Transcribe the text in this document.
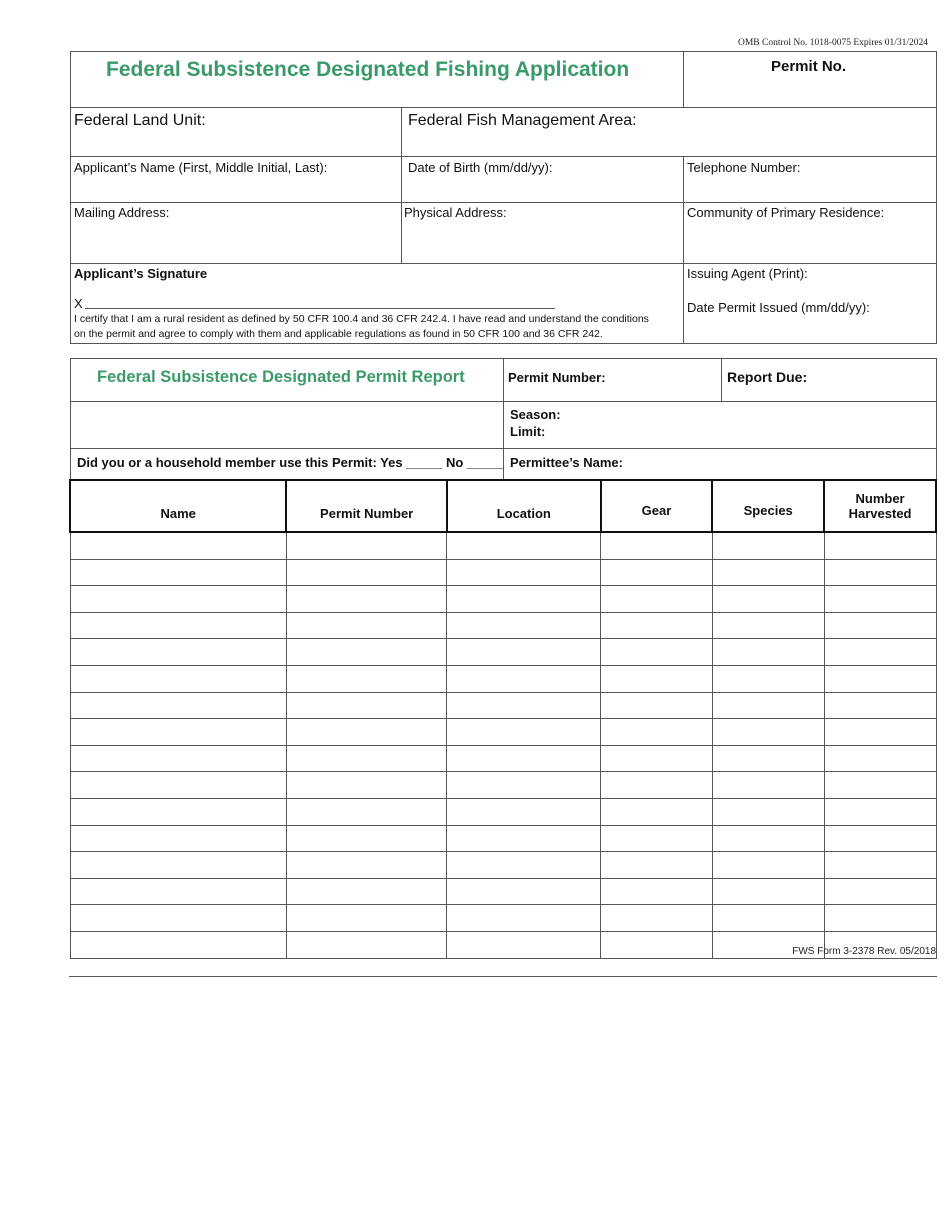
OMB Control No. 1018-0075 Expires 01/31/2024
Federal Subsistence Designated Fishing Application	Permit No.
Federal Land Unit:	Federal Fish Management Area:
Applicant’s Name (First, Middle Initial, Last):	Date of Birth (mm/dd/yy):	Telephone Number:
Mailing Address:	Physical Address:	Community of Primary Residence:
Applicant’s Signature
X
I certify that I am a rural resident as defined by 50 CFR 100.4 and 36 CFR 242.4. I have read and understand the conditions
on the permit and agree to comply with them and applicable regulations as found in 50 CFR 100 and 36 CFR 242.
Issuing Agent (Print):
Date Permit Issued (mm/dd/yy):
Federal Subsistence Designated Permit Report	Permit Number:	Report Due:
Season:
Limit:
Did you or a household member use this Permit: Yes _____ No _____ Permittee’s Name:
Name	Permit Number	Location	Gear	Species	Number Harvested

FWS Form 3-2378 Rev. 05/2018
